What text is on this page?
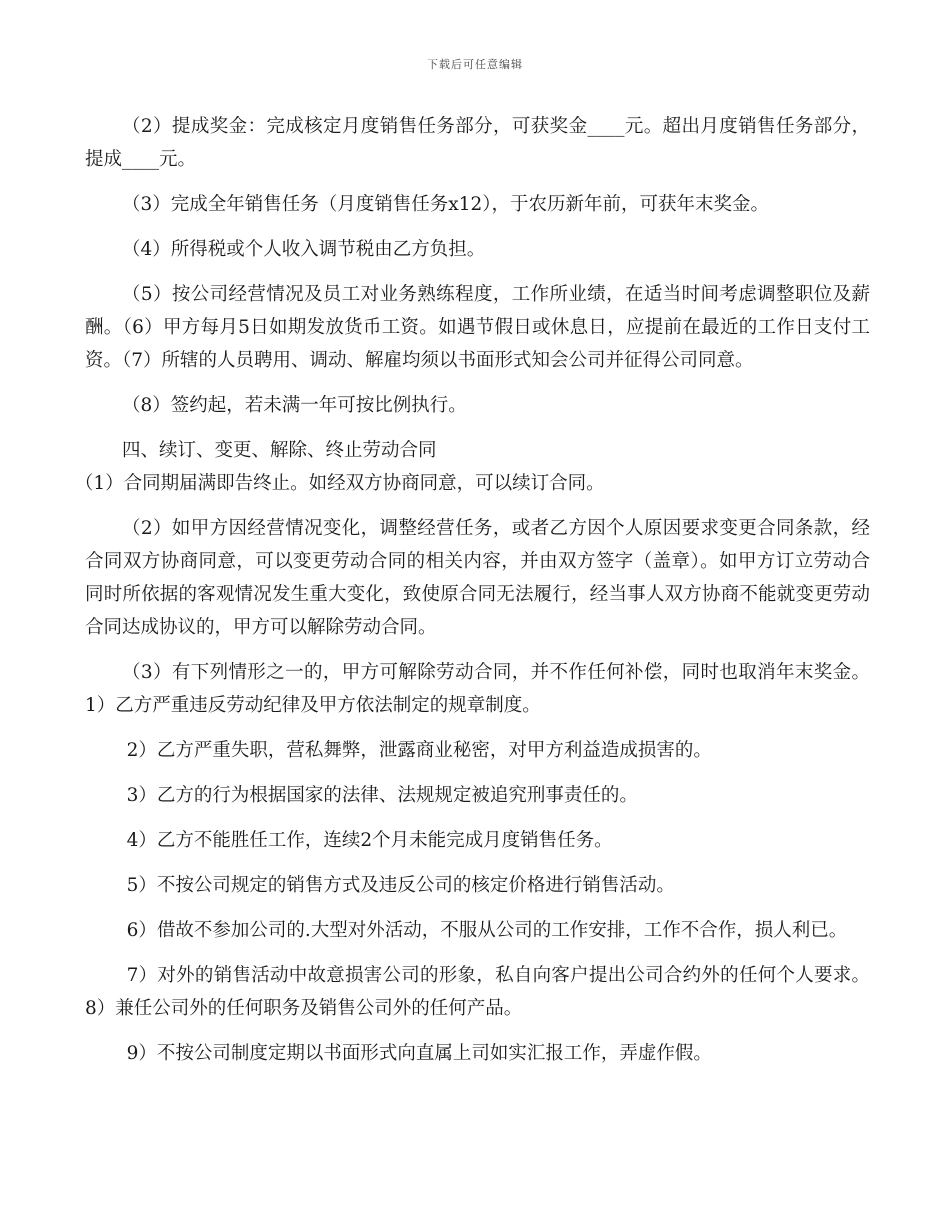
下载后可任意编辑

（2）提成奖金：完成核定月度销售任务部分，可获奖金____元。超出月度销售任务部分，提成____元。

（3）完成全年销售任务（月度销售任务x12），于农历新年前，可获年末奖金。

（4）所得税或个人收入调节税由乙方负担。

（5）按公司经营情况及员工对业务熟练程度，工作所业绩，在适当时间考虑调整职位及薪酬。（6）甲方每月5日如期发放货币工资。如遇节假日或休息日，应提前在最近的工作日支付工资。（7）所辖的人员聘用、调动、解雇均须以书面形式知会公司并征得公司同意。

（8）签约起，若未满一年可按比例执行。

四、续订、变更、解除、终止劳动合同

（1）合同期届满即告终止。如经双方协商同意，可以续订合同。

（2）如甲方因经营情况变化，调整经营任务，或者乙方因个人原因要求变更合同条款，经合同双方协商同意，可以变更劳动合同的相关内容，并由双方签字（盖章）。如甲方订立劳动合同时所依据的客观情况发生重大变化，致使原合同无法履行，经当事人双方协商不能就变更劳动合同达成协议的，甲方可以解除劳动合同。

（3）有下列情形之一的，甲方可解除劳动合同，并不作任何补偿，同时也取消年末奖金。1）乙方严重违反劳动纪律及甲方依法制定的规章制度。

2）乙方严重失职，营私舞弊，泄露商业秘密，对甲方利益造成损害的。

3）乙方的行为根据国家的法律、法规规定被追究刑事责任的。

4）乙方不能胜任工作，连续2个月未能完成月度销售任务。

5）不按公司规定的销售方式及违反公司的核定价格进行销售活动。

6）借故不参加公司的.大型对外活动，不服从公司的工作安排，工作不合作，损人利已。

7）对外的销售活动中故意损害公司的形象，私自向客户提出公司合约外的任何个人要求。8）兼任公司外的任何职务及销售公司外的任何产品。

9）不按公司制度定期以书面形式向直属上司如实汇报工作，弄虚作假。
